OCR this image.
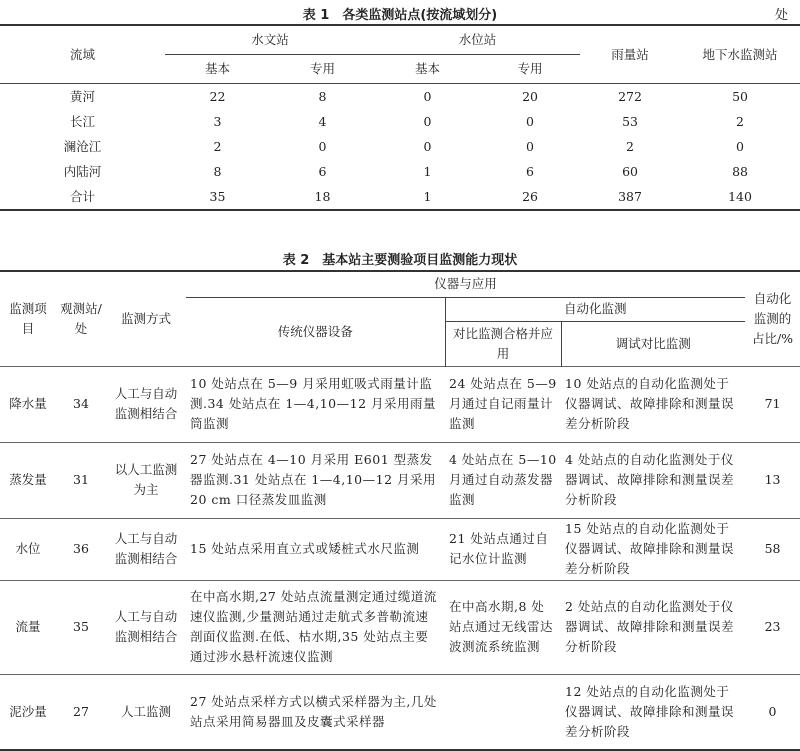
表 1　各类监测站点(按流域划分)	处
流域	水文站		水位站		雨量站	地下水监测站
	基本	专用	基本	专用		
黄河	22	8	0	20	272	50
长江	3	4	0	0	53	2
澜沧江	2	0	0	0	2	0
内陆河	8	6	1	6	60	88
合计	35	18	1	26	387	140
表 2　基本站主要测验项目监测能力现状
监测项目	观测站/处	监测方式	仪器与应用			自动化监测的占比/%
			传统仪器设备	自动化监测		
				对比监测合格并应用	调试对比监测	
降水量	34	人工与自动监测相结合	10 处站点在 5—9 月采用虹吸式雨量计监测.34 处站点在 1—4,10—12 月采用雨量筒监测	24 处站点在 5—9 月通过自记雨量计监测	10 处站点的自动化监测处于仪器调试、故障排除和测量误差分析阶段	71
蒸发量	31	以人工监测为主	27 处站点在 4—10 月采用 E601 型蒸发器监测.31 处站点在 1—4,10—12 月采用 20 cm 口径蒸发皿监测	4 处站点在 5—10 月通过自动蒸发器监测	4 处站点的自动化监测处于仪器调试、故障排除和测量误差分析阶段	13
水位	36	人工与自动监测相结合	15 处站点采用直立式或矮桩式水尺监测	21 处站点通过自记水位计监测	15 处站点的自动化监测处于仪器调试、故障排除和测量误差分析阶段	58
流量	35	人工与自动监测相结合	在中高水期,27 处站点流量测定通过缆道流速仪监测,少量测站通过走航式多普勒流速剖面仪监测.在低、枯水期,35 处站点主要通过涉水悬杆流速仪监测	在中高水期,8 处站点通过无线雷达波测流系统监测	2 处站点的自动化监测处于仪器调试、故障排除和测量误差分析阶段	23
泥沙量	27	人工监测	27 处站点采样方式以横式采样器为主,几处站点采用简易器皿及皮囊式采样器		12 处站点的自动化监测处于仪器调试、故障排除和测量误差分析阶段	0
